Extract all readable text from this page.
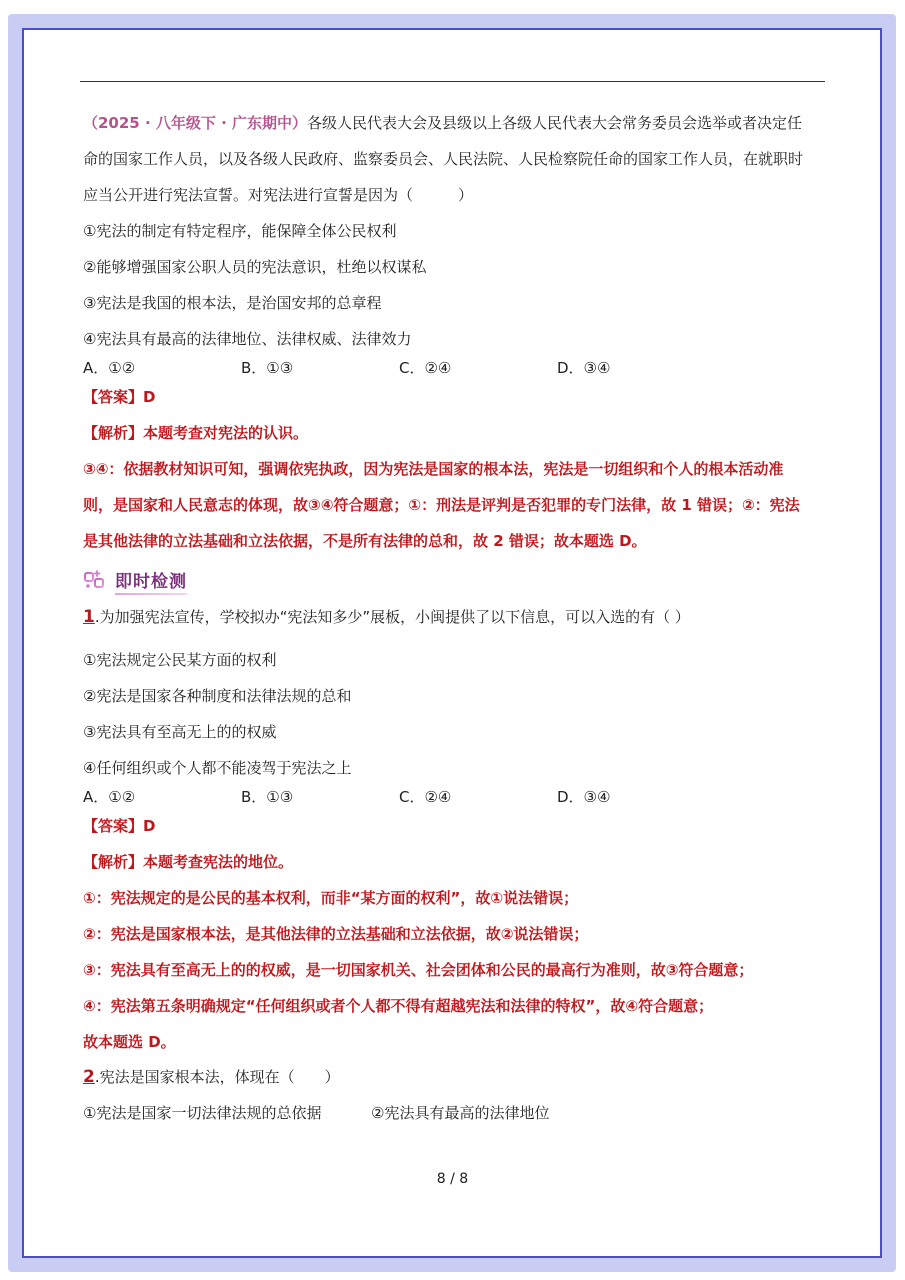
（2025 · 八年级下 · 广东期中）各级人民代表大会及县级以上各级人民代表大会常务委员会选举或者决定任
命的国家工作人员，以及各级人民政府、监察委员会、人民法院、人民检察院任命的国家工作人员，在就职时
应当公开进行宪法宣誓。对宪法进行宣誓是因为（　　　）
①宪法的制定有特定程序，能保障全体公民权利
②能够增强国家公职人员的宪法意识，杜绝以权谋私
③宪法是我国的根本法，是治国安邦的总章程
④宪法具有最高的法律地位、法律权威、法律效力
A．①②	B．①③	C．②④	D．③④
【答案】D
【解析】本题考查对宪法的认识。
③④：依据教材知识可知，强调依宪执政，因为宪法是国家的根本法，宪法是一切组织和个人的根本活动准
则，是国家和人民意志的体现，故③④符合题意；①：刑法是评判是否犯罪的专门法律，故 1 错误；②：宪法
是其他法律的立法基础和立法依据，不是所有法律的总和，故 2 错误；故本题选 D。
即时检测
1.为加强宪法宣传，学校拟办“宪法知多少”展板，小闽提供了以下信息，可以入选的有（ ）
①宪法规定公民某方面的权利
②宪法是国家各种制度和法律法规的总和
③宪法具有至高无上的的权威
④任何组织或个人都不能凌驾于宪法之上
A．①②	B．①③	C．②④	D．③④
【答案】D
【解析】本题考查宪法的地位。
①：宪法规定的是公民的基本权利，而非“某方面的权利”，故①说法错误；
②：宪法是国家根本法，是其他法律的立法基础和立法依据，故②说法错误；
③：宪法具有至高无上的的权威，是一切国家机关、社会团体和公民的最高行为准则，故③符合题意；
④：宪法第五条明确规定“任何组织或者个人都不得有超越宪法和法律的特权”，故④符合题意；
故本题选 D。
2.宪法是国家根本法，体现在（　　）
①宪法是国家一切法律法规的总依据	②宪法具有最高的法律地位
8 / 8
